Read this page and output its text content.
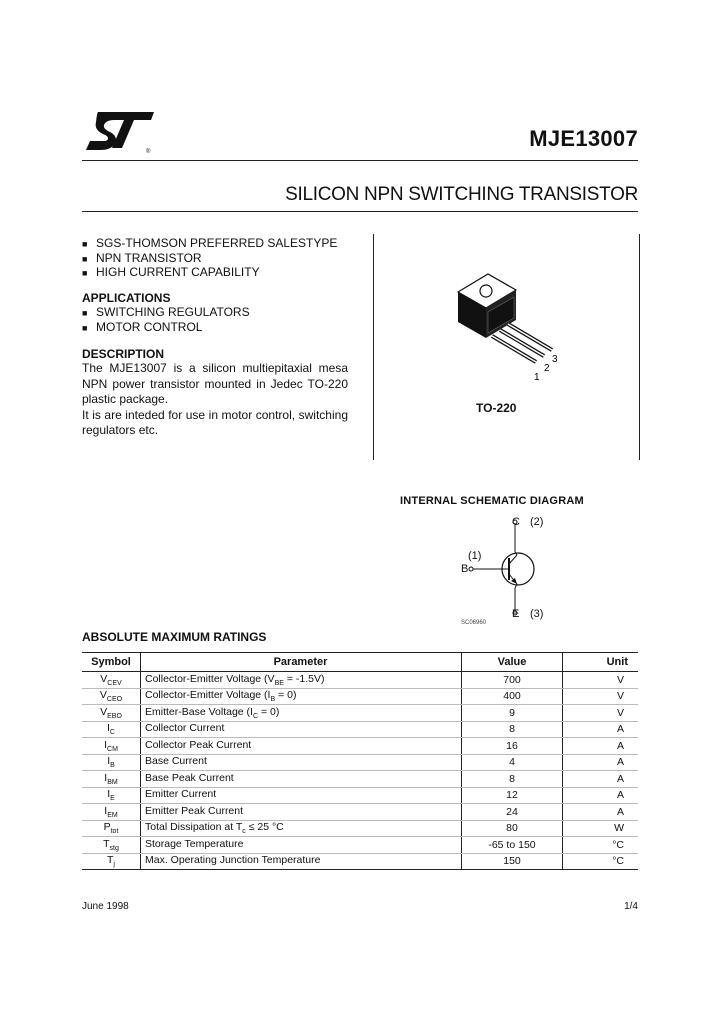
®
MJE13007
SILICON NPN SWITCHING TRANSISTOR
■ SGS-THOMSON PREFERRED SALESTYPE
■ NPN TRANSISTOR
■ HIGH CURRENT CAPABILITY
APPLICATIONS
■ SWITCHING REGULATORS
■ MOTOR CONTROL
DESCRIPTION

The MJE13007 is a silicon multiepitaxial mesa NPN power transistor mounted in Jedec TO-220 plastic package.

It is are inteded for use in motor control, switching regulators etc.

1
2
3
TO-220
INTERNAL SCHEMATIC DIAGRAM
C (2)
(1)
B
E (3)
SC06960
ABSOLUTE MAXIMUM RATINGS
Symbol	Parameter	Value	Unit
$V_{CEV}$	Collector-Emitter Voltage $(V_{BE} = -1.5V)$	700	V
$V_{CEO}$	Collector-Emitter Voltage $(I_B = 0)$	400	V
$V_{EBO}$	Emitter-Base Voltage $(I_C = 0)$	9	V
$I_C$	Collector Current	8	A
$I_{CM}$	Collector Peak Current	16	A
$I_B$	Base Current	4	A
$I_{BM}$	Base Peak Current	8	A
$I_E$	Emitter Current	12	A
$I_{EM}$	Emitter Peak Current	24	A
$P_{tot}$	Total Dissipation at $T_c \le 25$ °C	80	W
$T_{stg}$	Storage Temperature	-65 to 150	°C
$T_j$	Max. Operating Junction Temperature	150	°C
June 1998	1/4
